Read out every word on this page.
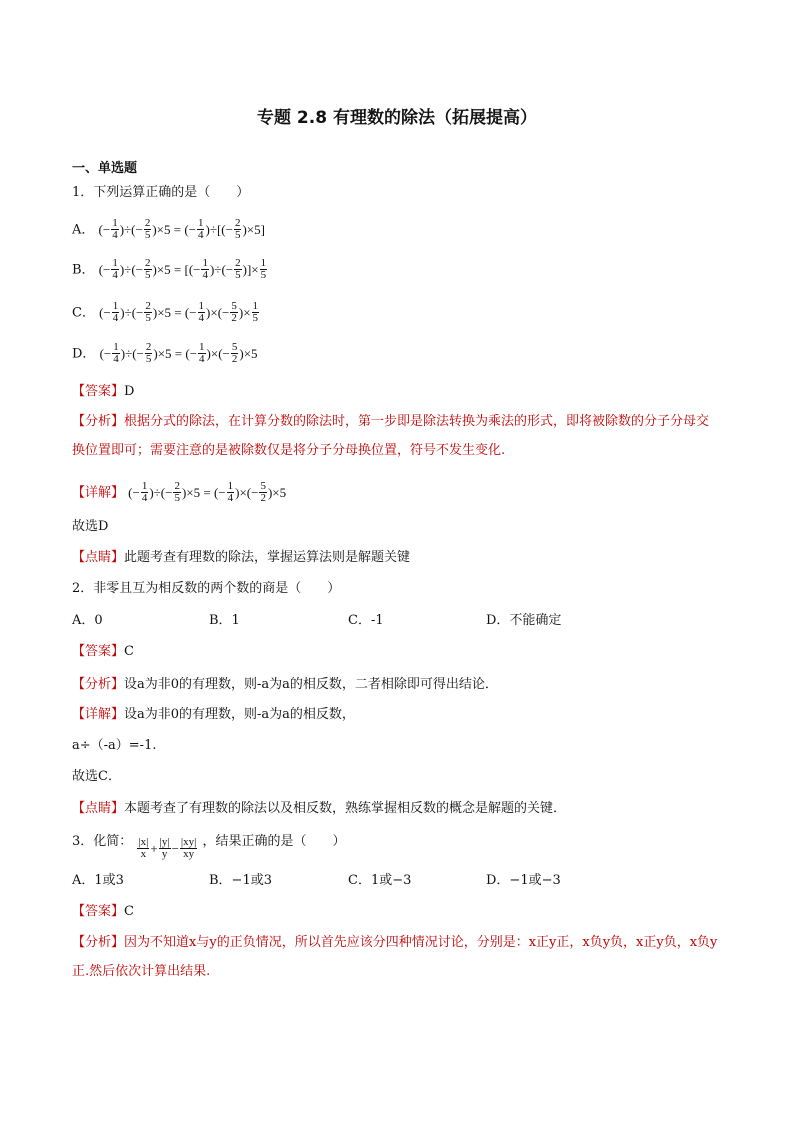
专题 2.8 有理数的除法（拓展提高）
一、单选题
1．下列运算正确的是（　　）
A． (− $\frac{1}{4}$ )÷(− $\frac{2}{5} )\times 5$ = (− $\frac{1}{4}$ )÷[(− $\frac{2}{5} )\times 5$]
B． (− $\frac{1}{4}$ )÷(− $\frac{2}{5} )\times 5$ = [(− $\frac{1}{4}$ )÷(− $\frac{2}{5}$ )]× $\frac{1}{5}$
C． (− $\frac{1}{4}$ )÷(− $\frac{2}{5} )\times 5$ = (− $\frac{1}{4}$ )×(− $\frac{5}{2}$ )× $\frac{1}{5}$
D． (− $\frac{1}{4}$ )÷(− $\frac{2}{5} )\times 5$ = (− $\frac{1}{4}$ )×(− $\frac{5}{2} )\times 5$
【答案】D
【分析】根据分式的除法，在计算分数的除法时，第一步即是除法转换为乘法的形式，即将被除数的分子分母交换位置即可；需要注意的是被除数仅是将分子分母换位置，符号不发生变化.
【详解】 (− $\frac{1}{4}$ )÷(− $\frac{2}{5} )\times 5$ = (− $\frac{1}{4}$ )×(− $\frac{5}{2} )\times 5$
故选D
【点睛】此题考查有理数的除法，掌握运算法则是解题关键
2．非零且互为相反数的两个数的商是（　　）
A．0	B．1	C．-1	D．不能确定
【答案】C
【分析】设a为非0的有理数，则-a为a的相反数，二者相除即可得出结论．
【详解】设a为非0的有理数，则-a为a的相反数，
a÷（-a）=-1.
故选C．
【点睛】本题考查了有理数的除法以及相反数，熟练掌握相反数的概念是解题的关键．
3．化简： $\frac{|x|}{x} + \frac{|y|}{y} - \frac{|xy|}{xy}$ ，结果正确的是（　　）
A．1或3	B．−1或3	C．1或−3	D．−1或−3
【答案】C
【分析】因为不知道x与y的正负情况，所以首先应该分四种情况讨论，分别是：x正y正，x负y负，x正y负，x负y正.然后依次计算出结果.
